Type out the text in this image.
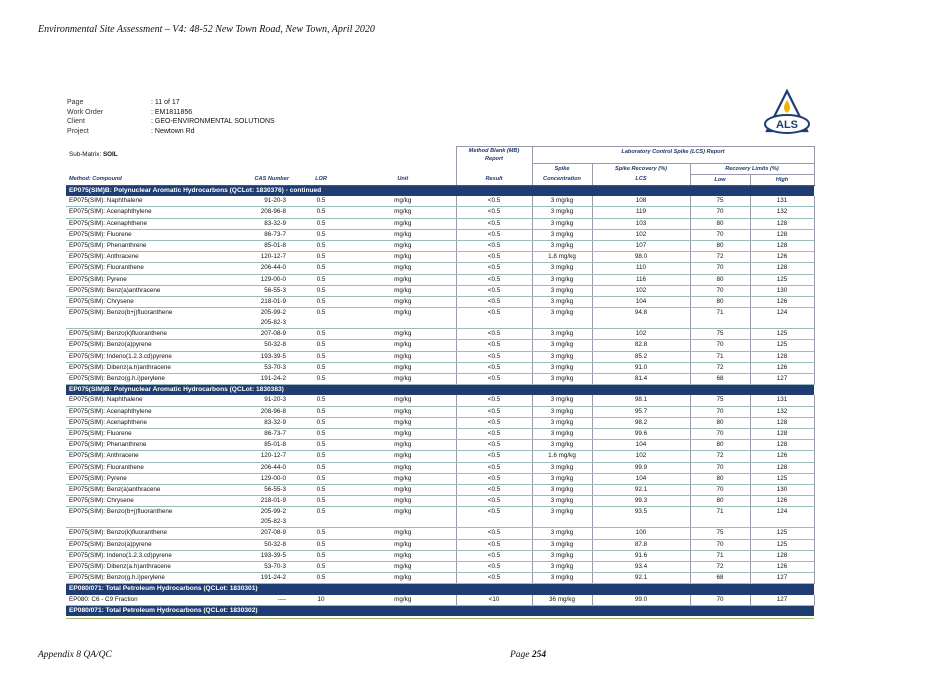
Environmental Site Assessment – V4: 48-52 New Town Road, New Town, April 2020
Page	: 11 of 17
Work Order	: EM1811856
Client	: GEO-ENVIRONMENTAL SOLUTIONS
Project	: Newtown Rd
ALS
Sub-Matrix: SOIL				Method Blank (MB)
Report	Laboratory Control Spike (LCS) Report			
					Spike	Spike Recovery (%)	Recovery Limits (%)	
Method: Compound	CAS Number	LOR	Unit	Result	Concentration	LCS	Low	High
EP075(SIM)B: Polynuclear Aromatic Hydrocarbons (QCLot: 1830376) - continued								
EP075(SIM): Naphthalene	91-20-3	0.5	mg/kg	<0.5	3 mg/kg	108	75	131
EP075(SIM): Acenaphthylene	208-96-8	0.5	mg/kg	<0.5	3 mg/kg	119	70	132
EP075(SIM): Acenaphthene	83-32-9	0.5	mg/kg	<0.5	3 mg/kg	103	80	128
EP075(SIM): Fluorene	86-73-7	0.5	mg/kg	<0.5	3 mg/kg	102	70	128
EP075(SIM): Phenanthrene	85-01-8	0.5	mg/kg	<0.5	3 mg/kg	107	80	128
EP075(SIM): Anthracene	120-12-7	0.5	mg/kg	<0.5	1.8 mg/kg	98.0	72	126
EP075(SIM): Fluoranthene	206-44-0	0.5	mg/kg	<0.5	3 mg/kg	110	70	128
EP075(SIM): Pyrene	129-00-0	0.5	mg/kg	<0.5	3 mg/kg	116	80	125
EP075(SIM): Benz(a)anthracene	56-55-3	0.5	mg/kg	<0.5	3 mg/kg	102	70	130
EP075(SIM): Chrysene	218-01-9	0.5	mg/kg	<0.5	3 mg/kg	104	80	126
EP075(SIM): Benzo(b+j)fluoranthene	205-99-2
205-82-3	0.5	mg/kg	<0.5	3 mg/kg	94.8	71	124
EP075(SIM): Benzo(k)fluoranthene	207-08-9	0.5	mg/kg	<0.5	3 mg/kg	102	75	125
EP075(SIM): Benzo(a)pyrene	50-32-8	0.5	mg/kg	<0.5	3 mg/kg	82.8	70	125
EP075(SIM): Indeno(1.2.3.cd)pyrene	193-39-5	0.5	mg/kg	<0.5	3 mg/kg	85.2	71	128
EP075(SIM): Dibenz(a.h)anthracene	53-70-3	0.5	mg/kg	<0.5	3 mg/kg	91.0	72	126
EP075(SIM): Benzo(g.h.i)perylene	191-24-2	0.5	mg/kg	<0.5	3 mg/kg	81.4	68	127
EP075(SIM)B: Polynuclear Aromatic Hydrocarbons (QCLot: 1830383)								
EP075(SIM): Naphthalene	91-20-3	0.5	mg/kg	<0.5	3 mg/kg	98.1	75	131
EP075(SIM): Acenaphthylene	208-96-8	0.5	mg/kg	<0.5	3 mg/kg	95.7	70	132
EP075(SIM): Acenaphthene	83-32-9	0.5	mg/kg	<0.5	3 mg/kg	98.2	80	128
EP075(SIM): Fluorene	86-73-7	0.5	mg/kg	<0.5	3 mg/kg	99.6	70	128
EP075(SIM): Phenanthrene	85-01-8	0.5	mg/kg	<0.5	3 mg/kg	104	80	128
EP075(SIM): Anthracene	120-12-7	0.5	mg/kg	<0.5	1.6 mg/kg	102	72	126
EP075(SIM): Fluoranthene	206-44-0	0.5	mg/kg	<0.5	3 mg/kg	99.9	70	128
EP075(SIM): Pyrene	129-00-0	0.5	mg/kg	<0.5	3 mg/kg	104	80	125
EP075(SIM): Benz(a)anthracene	56-55-3	0.5	mg/kg	<0.5	3 mg/kg	92.1	70	130
EP075(SIM): Chrysene	218-01-9	0.5	mg/kg	<0.5	3 mg/kg	99.3	80	126
EP075(SIM): Benzo(b+j)fluoranthene	205-99-2
205-82-3	0.5	mg/kg	<0.5	3 mg/kg	93.5	71	124
EP075(SIM): Benzo(k)fluoranthene	207-08-9	0.5	mg/kg	<0.5	3 mg/kg	100	75	125
EP075(SIM): Benzo(a)pyrene	50-32-8	0.5	mg/kg	<0.5	3 mg/kg	87.8	70	125
EP075(SIM): Indeno(1.2.3.cd)pyrene	193-39-5	0.5	mg/kg	<0.5	3 mg/kg	91.6	71	128
EP075(SIM): Dibenz(a.h)anthracene	53-70-3	0.5	mg/kg	<0.5	3 mg/kg	93.4	72	126
EP075(SIM): Benzo(g.h.i)perylene	191-24-2	0.5	mg/kg	<0.5	3 mg/kg	92.1	68	127
EP080/071: Total Petroleum Hydrocarbons (QCLot: 1830301)								
EP080: C6 - C9 Fraction	----	10	mg/kg	<10	36 mg/kg	99.0	70	127
EP080/071: Total Petroleum Hydrocarbons (QCLot: 1830302)								
Appendix 8 QA/QC	Page 254
